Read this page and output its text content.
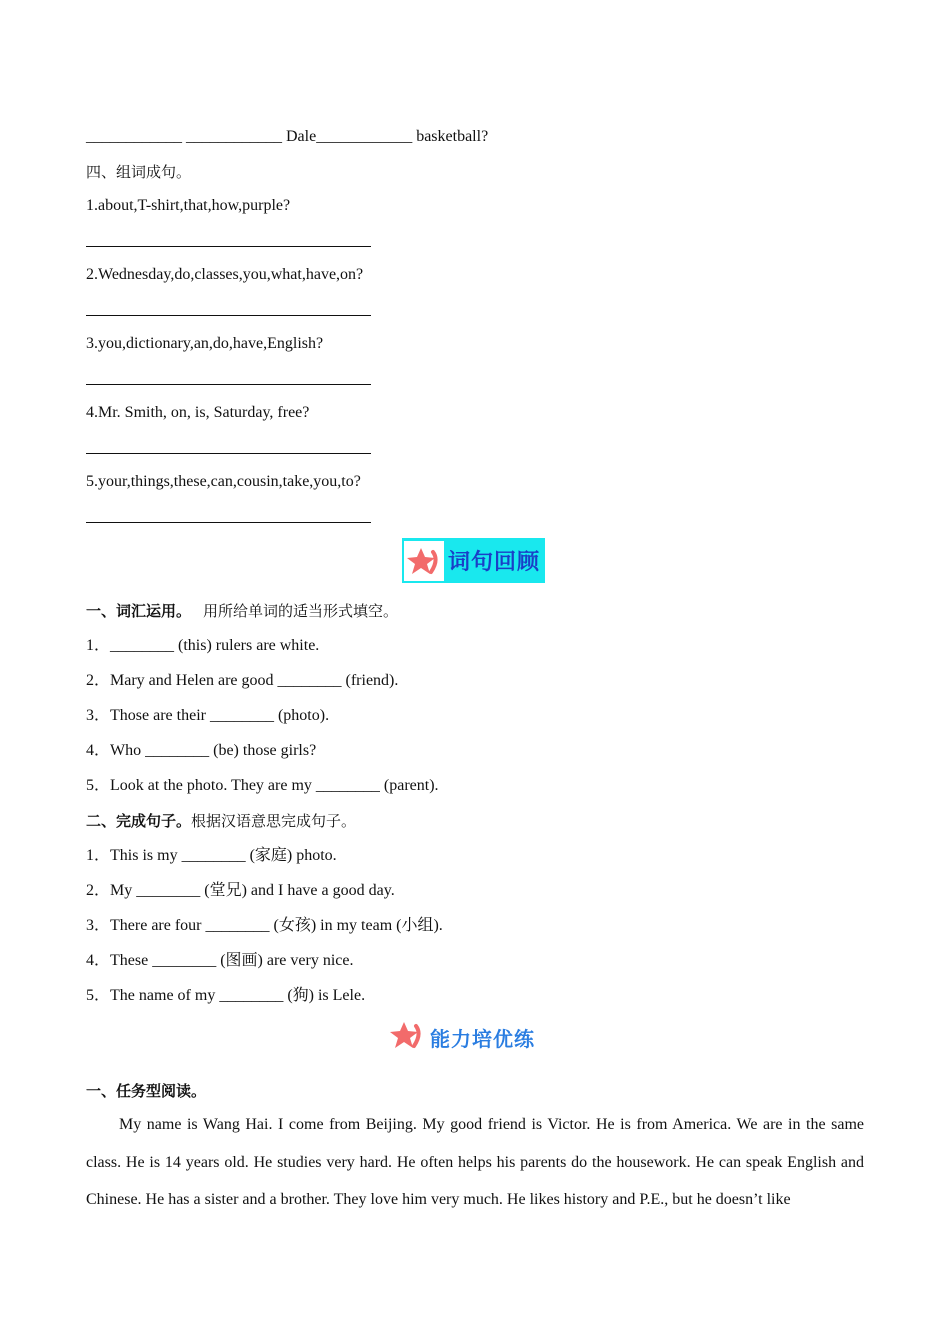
____________ ____________ Dale____________ basketball?
四、组词成句。
1.about,T-shirt,that,how,purple?
2.Wednesday,do,classes,you,what,have,on?
3.you,dictionary,an,do,have,English?
4.Mr. Smith, on, is, Saturday, free?
5.your,things,these,can,cousin,take,you,to?
词句回顾
一、词汇运用。 用所给单词的适当形式填空。
1．________ (this) rulers are white.
2．Mary and Helen are good ________ (friend).
3．Those are their ________ (photo).
4．Who ________ (be) those girls?
5．Look at the photo. They are my ________ (parent).
二、完成句子。根据汉语意思完成句子。
1．This is my ________ (家庭) photo.
2．My ________ (堂兄) and I have a good day.
3．There are four ________ (女孩) in my team (小组).
4．These ________ (图画) are very nice.
5．The name of my ________ (狗) is Lele.
能力培优练
一、任务型阅读。
My name is Wang Hai. I come from Beijing. My good friend is Victor. He is from America. We are in the same class. He is 14 years old. He studies very hard. He often helps his parents do the housework. He can speak English and Chinese. He has a sister and a brother. They love him very much. He likes history and P.E., but he doesn’t like
